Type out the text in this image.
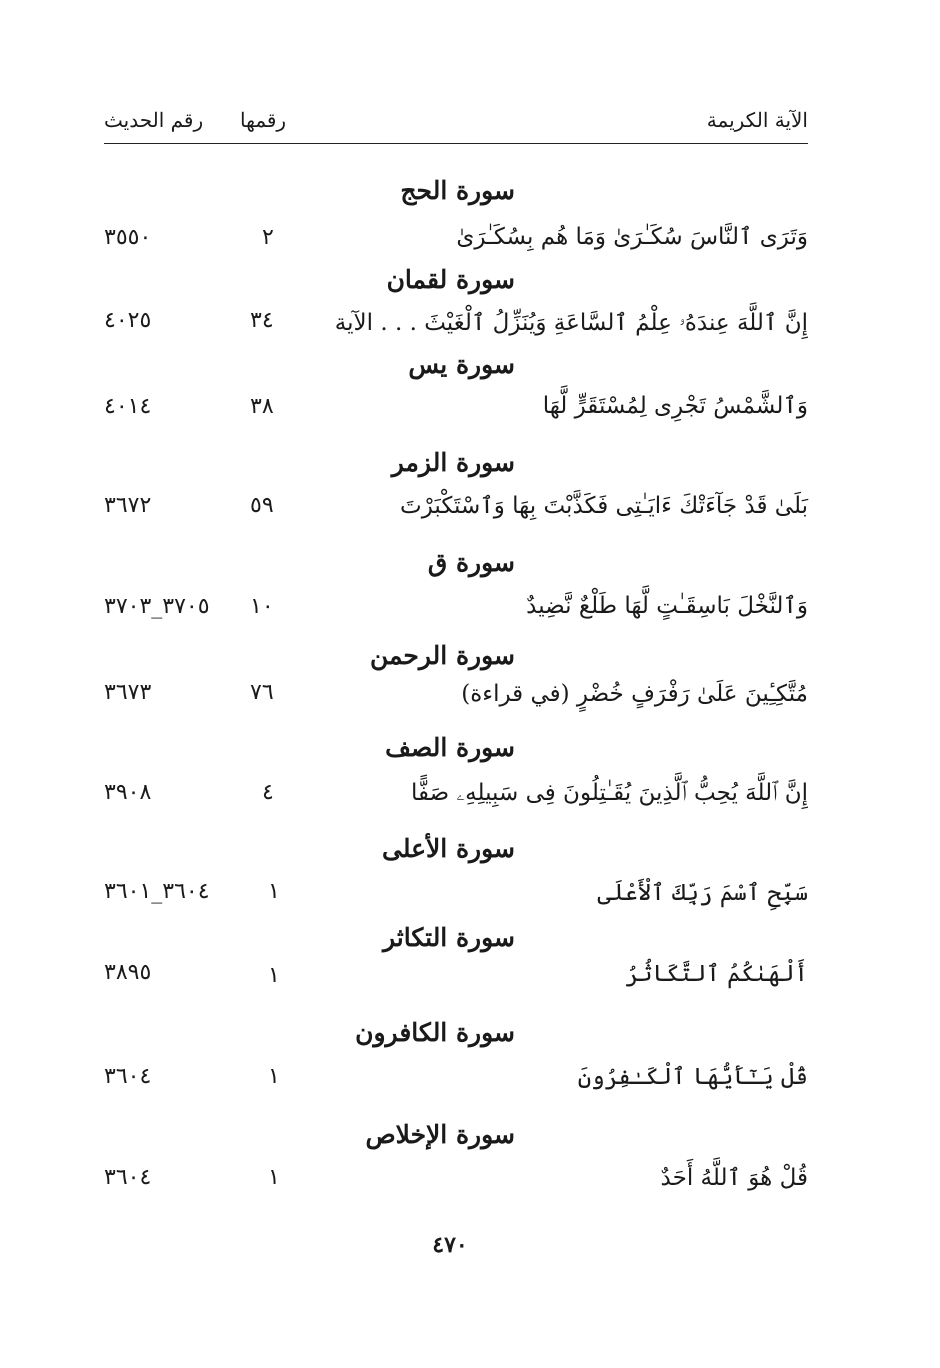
الآية الكريمة
رقمها
رقم الحديث
سورة الحج
وَتَرَى ٱلنَّاسَ سُكَـٰرَىٰ وَمَا هُم بِسُكَـٰرَىٰ
٢
٣٥٥٠
سورة لقمان
إِنَّ ٱللَّهَ عِندَهُۥ عِلْمُ ٱلسَّاعَةِ وَيُنَزِّلُ ٱلْغَيْثَ . . . الآية
٣٤
٤٠٢٥
سورة يس
وَٱلشَّمْسُ تَجْرِى لِمُسْتَقَرٍّ لَّهَا
٣٨
٤٠١٤
سورة الزمر
بَلَىٰ قَدْ جَآءَتْكَ ءَايَـٰتِى فَكَذَّبْتَ بِهَا وَٱسْتَكْبَرْتَ
٥٩
٣٦٧٢
سورة ق
وَٱلنَّخْلَ بَاسِقَـٰتٍ لَّهَا طَلْعٌ نَّضِيدٌ
١٠
٣٧٠٥_٣٧٠٣
سورة الرحمن
مُتَّكِـِٔينَ عَلَىٰ رَفْرَفٍ خُضْرٍ (في قراءة)
٧٦
٣٦٧٣
سورة الصف
إِنَّ ٱللَّهَ يُحِبُّ ٱلَّذِينَ يُقَـٰتِلُونَ فِى سَبِيلِهِۦ صَفًّا
٤
٣٩٠٨
سورة الأعلى
سَبِّحِ ٱسْمَ رَبِّكَ ٱلْأَعْلَى
١
٣٦٠٤_٣٦٠١
سورة التكاثر
أَلْهَىٰكُمُ ٱلتَّكَاثُرُ
١
٣٨٩٥
سورة الكافرون
قُلْ يَـٰٓأَيُّهَا ٱلْكَـٰفِرُونَ
١
٣٦٠٤
سورة الإخلاص
قُلْ هُوَ ٱللَّهُ أَحَدٌ
١
٣٦٠٤
٤٧٠
